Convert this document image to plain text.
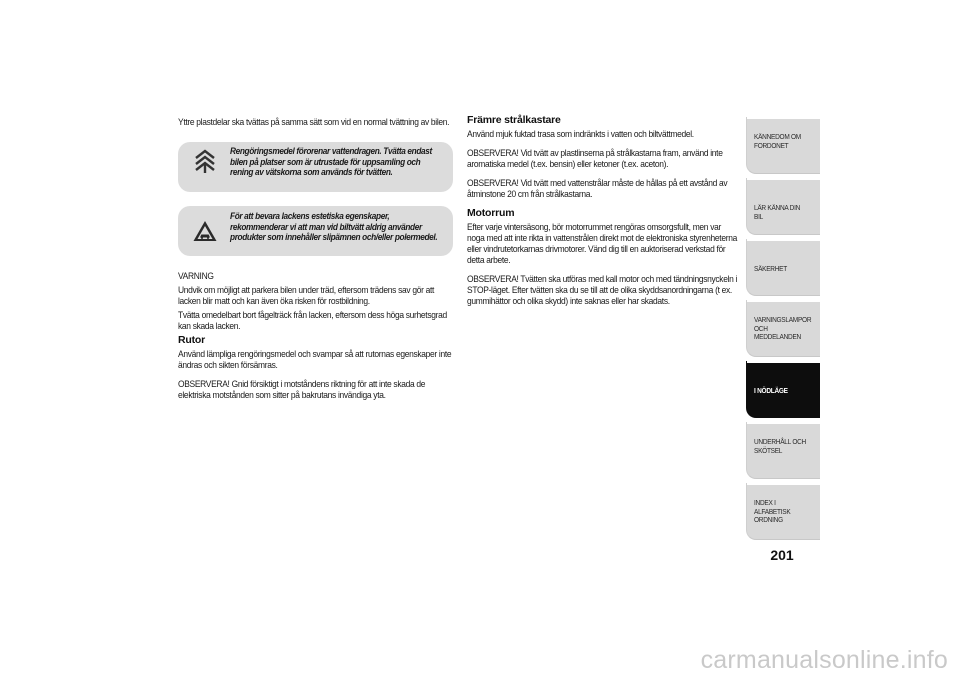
Yttre plastdelar ska tvättas på samma sätt som vid en normal tvättning av bilen.

Rengöringsmedel förorenar vattendragen. Tvätta endast bilen på platser som är utrustade för uppsamling och rening av vätskorna som används för tvätten.

För att bevara lackens estetiska egenskaper, rekommenderar vi att man vid biltvätt aldrig använder produkter som innehåller slipämnen och/eller polermedel.

VARNING

Undvik om möjligt att parkera bilen under träd, eftersom trädens sav gör att lacken blir matt och kan även öka risken för rostbildning.

Tvätta omedelbart bort fågelträck från lacken, eftersom dess höga surhetsgrad kan skada lacken.

Rutor

Använd lämpliga rengöringsmedel och svampar så att rutornas egenskaper inte ändras och sikten försämras.

OBSERVERA! Gnid försiktigt i motståndens riktning för att inte skada de elektriska motstånden som sitter på bakrutans invändiga yta.

Främre strålkastare

Använd mjuk fuktad trasa som indränkts i vatten och biltvättmedel.

OBSERVERA! Vid tvätt av plastlinserna på strålkastarna fram, använd inte aromatiska medel (t.ex. bensin) eller ketoner (t.ex. aceton).

OBSERVERA! Vid tvätt med vattenstrålar måste de hållas på ett avstånd av åtminstone 20 cm från strålkastarna.

Motorrum

Efter varje vintersäsong, bör motorrummet rengöras omsorgsfullt, men var noga med att inte rikta in vattenstrålen direkt mot de elektroniska styrenheterna eller vindrutetorkarnas drivmotorer. Vänd dig till en auktoriserad verkstad för detta arbete.

OBSERVERA! Tvätten ska utföras med kall motor och med tändningsnyckeln i STOP-läget. Efter tvätten ska du se till att de olika skyddsanordningarna (t ex. gummihättor och olika skydd) inte saknas eller har skadats.

KÄNNEDOM OM FORDONET
LÄR KÄNNA DIN BIL
SÄKERHET
VARNINGSLAMPOR OCH MEDDELANDEN
I NÖDLÄGE
UNDERHÅLL OCH SKÖTSEL
INDEX I ALFABETISK ORDNING
201
carmanualsonline.info
